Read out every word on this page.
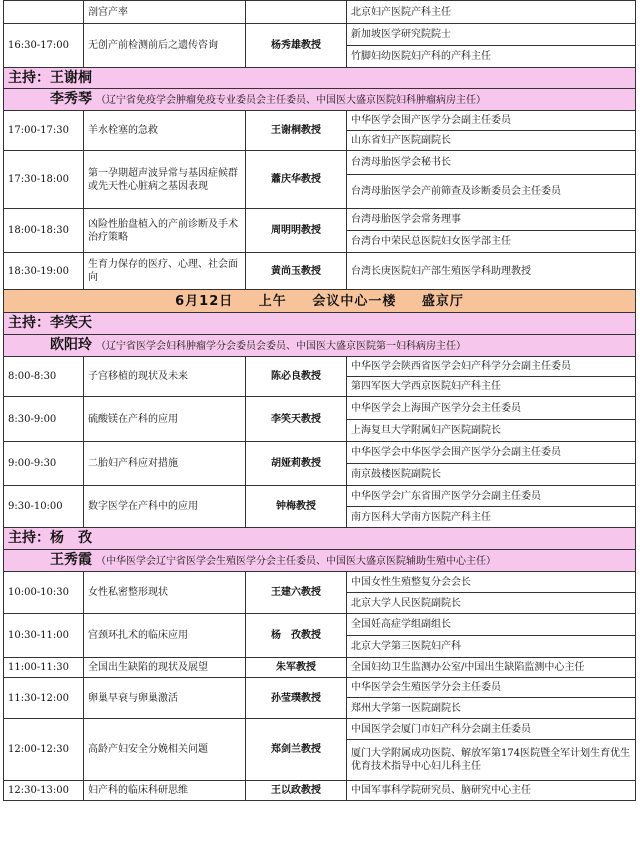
	剖宫产率		北京妇产医院产科主任
16:30-17:00	无创产前检测前后之遗传咨询	杨秀雄教授	新加坡医学研究院院士
			竹脚妇幼医院妇产科的产科主任
主持：王谢桐			
李秀琴 （辽宁省免疫学会肿瘤免疫专业委员会主任委员、中国医大盛京医院妇科肿瘤病房主任）			
17:00-17:30	羊水栓塞的急救	王谢桐教授	中华医学会围产医学分会副主任委员
			山东省妇产医院副院长
17:30-18:00	第一孕期超声波异常与基因症候群或先天性心脏病之基因表现	蕭庆华教授	台湾母胎医学会秘书长
			台湾母胎医学会产前筛查及诊断委员会主任委员
18:00-18:30	凶险性胎盘植入的产前诊断及手术治疗策略	周明明教授	台湾母胎医学会常务理事
			台湾台中荣民总医院妇女医学部主任
18:30-19:00	生育力保存的医疗、心理、社会面向	黄尚玉教授	台湾长庚医院妇产部生殖医学科助理教授
6月12日 上午 会议中心一楼 盛京厅			
主持：李笑天			
欧阳玲 （辽宁省医学会妇科肿瘤学分会委员会委员、中国医大盛京医院第一妇科病房主任）			
8:00-8:30	子宫移植的现状及未来	陈必良教授	中华医学会陕西省医学会妇产科学分会副主任委员
			第四军医大学西京医院妇产科主任
8:30-9:00	硫酸镁在产科的应用	李笑天教授	中华医学会上海围产医学分会主任委员
			上海复旦大学附属妇产医院副院长
9:00-9:30	二胎妇产科应对措施	胡娅莉教授	中华医学会中华医学会围产医学分会副主任委员
			南京鼓楼医院副院长
9:30-10:00	数字医学在产科中的应用	钟梅教授	中华医学会广东省围产医学分会副主任委员
			南方医科大学南方医院产科主任
主持：杨　孜			
王秀霞 （中华医学会辽宁省医学会生殖医学分会主任委员、中国医大盛京医院辅助生殖中心主任）			
10:00-10:30	女性私密整形现状	王建六教授	中国女性生殖整复分会会长
			北京大学人民医院副院长
10:30-11:00	宫颈环扎术的临床应用	杨　孜教授	全国妊高症学组副组长
			北京大学第三医院妇产科
11:00-11:30	全国出生缺陷的现状及展望	朱军教授	全国妇幼卫生监测办公室/中国出生缺陷监测中心主任
11:30-12:00	卵巢早衰与卵巢激活	孙莹璞教授	中华医学会生殖医学分会主任委员
			郑州大学第一医院副院长
12:00-12:30	高龄产妇安全分娩相关问题	郑剑兰教授	中国医学会厦门市妇产科分会副主任委员
			厦门大学附属成功医院、解放军第174医院暨全军计划生育优生优育技术指导中心妇儿科主任
12:30-13:00	妇产科的临床科研思维	王以政教授	中国军事科学院研究员、脑研究中心主任
